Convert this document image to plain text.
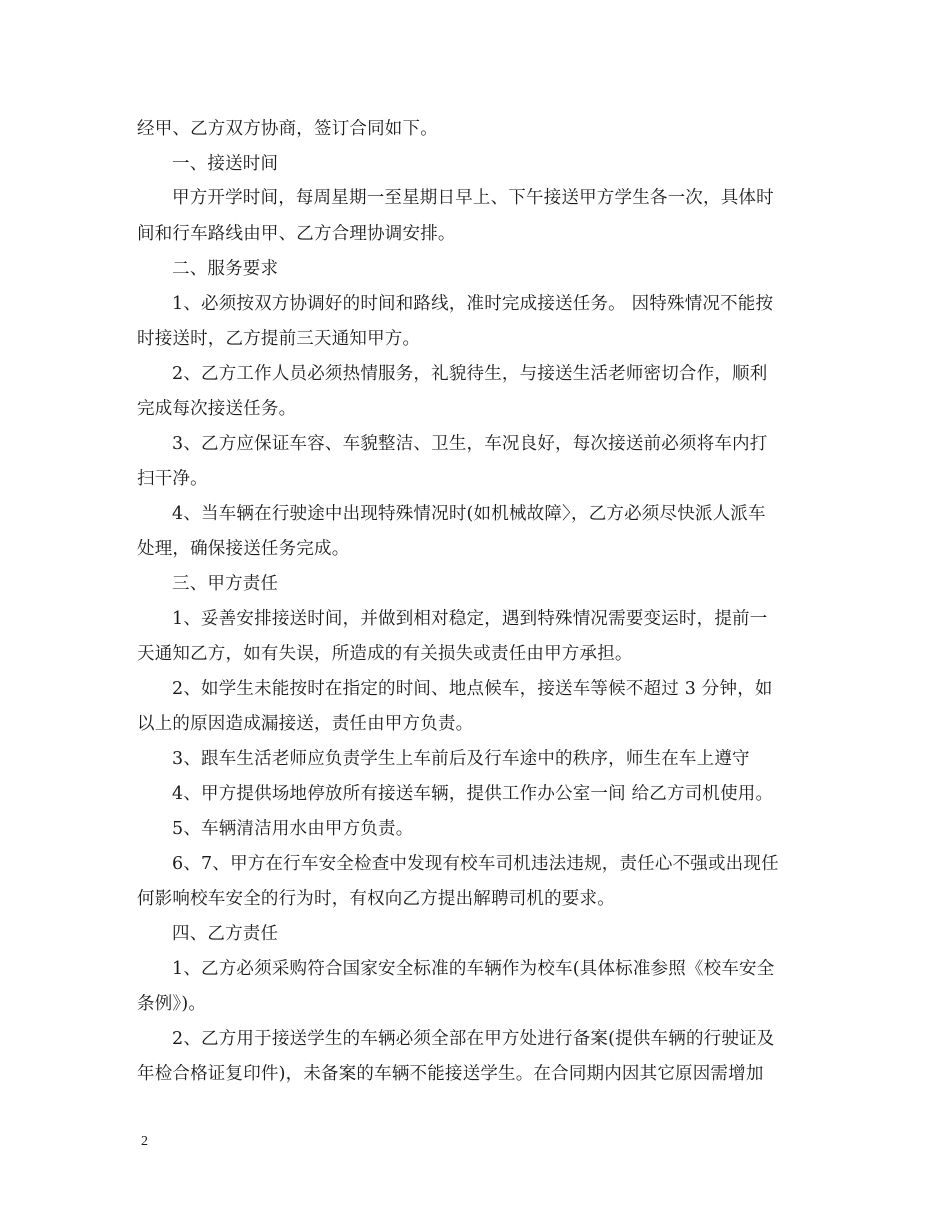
经甲、乙方双方协商，签订合同如下。
一、接送时间
甲方开学时间，每周星期一至星期日早上、下午接送甲方学生各一次，具体时
间和行车路线由甲、乙方合理协调安排。
二、服务要求
1、必须按双方协调好的时间和路线，准时完成接送任务。 因特殊情况不能按
时接送时，乙方提前三天通知甲方。
2、乙方工作人员必须热情服务，礼貌待生，与接送生活老师密切合作，顺利
完成每次接送任务。
3、乙方应保证车容、车貌整洁、卫生，车况良好，每次接送前必须将车内打
扫干净。
4、当车辆在行驶途中出现特殊情况时(如机械故障〉，乙方必须尽快派人派车
处理，确保接送任务完成。
三、甲方责任
1、妥善安排接送时间，并做到相对稳定，遇到特殊情况需要变运时，提前一
天通知乙方，如有失误，所造成的有关损失或责任由甲方承担。
2、如学生未能按时在指定的时间、地点候车，接送车等候不超过 3 分钟，如
以上的原因造成漏接送，责任由甲方负责。
3、跟车生活老师应负责学生上车前后及行车途中的秩序，师生在车上遵守
4、甲方提供场地停放所有接送车辆，提供工作办公室一间 给乙方司机使用。
5、车辆清洁用水由甲方负责。
6、7、甲方在行车安全检查中发现有校车司机违法违规，责任心不强或出现任
何影响校车安全的行为时，有权向乙方提出解聘司机的要求。
四、乙方责任
1、乙方必须采购符合国家安全标准的车辆作为校车(具体标准参照《校车安全
条例》)。
2、乙方用于接送学生的车辆必须全部在甲方处进行备案(提供车辆的行驶证及
年检合格证复印件)，未备案的车辆不能接送学生。在合同期内因其它原因需增加
2
